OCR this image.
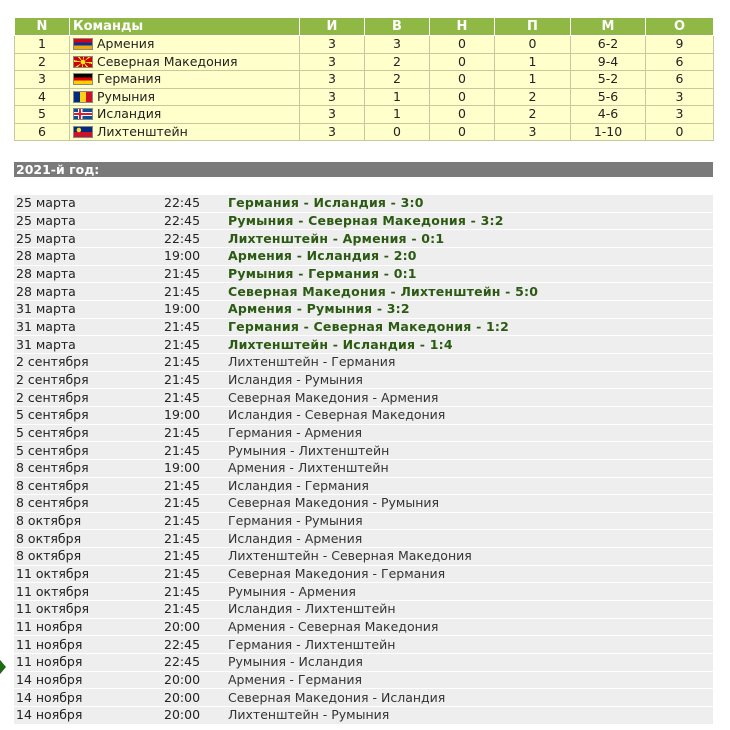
N	Команды	И	В	Н	П	М	О
1	Армения	3	3	0	0	6-2	9
2	Северная Македония	3	2	0	1	9-4	6
3	Германия	3	2	0	1	5-2	6
4	Румыния	3	1	0	2	5-6	3
5	Исландия	3	1	0	2	4-6	3
6	Лихтенштейн	3	0	0	3	1-10	0
2021-й год:
25 марта	22:45	Германия - Исландия - 3:0
25 марта	22:45	Румыния - Северная Македония - 3:2
25 марта	22:45	Лихтенштейн - Армения - 0:1
28 марта	19:00	Армения - Исландия - 2:0
28 марта	21:45	Румыния - Германия - 0:1
28 марта	21:45	Северная Македония - Лихтенштейн - 5:0
31 марта	19:00	Армения - Румыния - 3:2
31 марта	21:45	Германия - Северная Македония - 1:2
31 марта	21:45	Лихтенштейн - Исландия - 1:4
2 сентября	21:45	Лихтенштейн - Германия
2 сентября	21:45	Исландия - Румыния
2 сентября	21:45	Северная Македония - Армения
5 сентября	19:00	Исландия - Северная Македония
5 сентября	21:45	Германия - Армения
5 сентября	21:45	Румыния - Лихтенштейн
8 сентября	19:00	Армения - Лихтенштейн
8 сентября	21:45	Исландия - Германия
8 сентября	21:45	Северная Македония - Румыния
8 октября	21:45	Германия - Румыния
8 октября	21:45	Исландия - Армения
8 октября	21:45	Лихтенштейн - Северная Македония
11 октября	21:45	Северная Македония - Германия
11 октября	21:45	Румыния - Армения
11 октября	21:45	Исландия - Лихтенштейн
11 ноября	20:00	Армения - Северная Македония
11 ноября	22:45	Германия - Лихтенштейн
11 ноября	22:45	Румыния - Исландия
14 ноября	20:00	Армения - Германия
14 ноября	20:00	Северная Македония - Исландия
14 ноября	20:00	Лихтенштейн - Румыния
